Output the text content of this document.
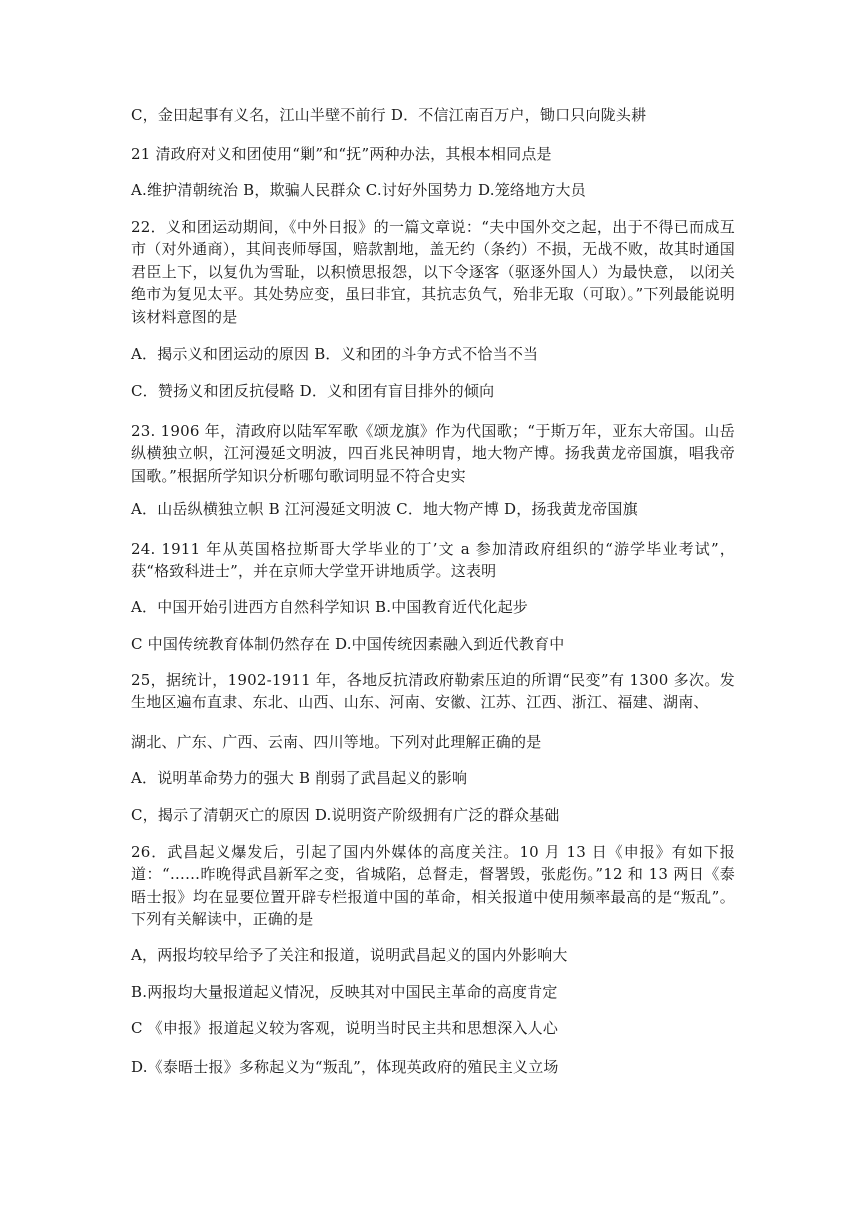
C，金田起事有义名，江山半壁不前行 D．不信江南百万户，锄口只向陇头耕
21 清政府对义和团使用“剿”和“抚”两种办法，其根本相同点是
A.维护清朝统治 B，欺骗人民群众 C.讨好外国势力 D.笼络地方大员
22．义和团运动期间，《中外日报》的一篇文章说：“夫中国外交之起，出于不得已而成互市（对外通商），其间丧师辱国，赔款割地，盖无约（条约）不损，无战不败，故其时通国君臣上下，以复仇为雪耻，以积愤思报怨，以下令逐客（驱逐外国人）为最快意， 以闭关绝市为复见太平。其处势应变，虽曰非宜，其抗志负气，殆非无取（可取）。”下列最能说明该材料意图的是
A．揭示义和团运动的原因 B．义和团的斗争方式不恰当不当
C．赞扬义和团反抗侵略 D．义和团有盲目排外的倾向
23. 1906 年，清政府以陆军军歌《颂龙旗》作为代国歌；“于斯万年，亚东大帝国。山岳纵横独立帜，江河漫延文明波，四百兆民神明胄，地大物产博。扬我黄龙帝国旗，唱我帝国歌。”根据所学知识分析哪句歌词明显不符合史实
A．山岳纵横独立帜 B 江河漫延文明波 C．地大物产博 D，扬我黄龙帝国旗
24. 1911 年从英国格拉斯哥大学毕业的丁’文 a 参加清政府组织的“游学毕业考试”，获“格致科进士”，并在京师大学堂开讲地质学。这表明
A．中国开始引进西方自然科学知识 B.中国教育近代化起步
C 中国传统教育体制仍然存在 D.中国传统因素融入到近代教育中
25，据统计，1902-1911 年，各地反抗清政府勒索压迫的所谓“民变”有 1300 多次。发生地区遍布直隶、东北、山西、山东、河南、安徽、江苏、江西、浙江、福建、湖南、
湖北、广东、广西、云南、四川等地。下列对此理解正确的是
A．说明革命势力的强大 B 削弱了武昌起义的影响
C，揭示了清朝灭亡的原因 D.说明资产阶级拥有广泛的群众基础
26．武昌起义爆发后，引起了国内外媒体的高度关注。10 月 13 日《申报》有如下报道：“……昨晚得武昌新军之变，省城陷，总督走，督署毁，张彪伤。”12 和 13 两日《泰晤士报》均在显要位置开辟专栏报道中国的革命，相关报道中使用频率最高的是“叛乱”。下列有关解读中，正确的是
A，两报均较早给予了关注和报道，说明武昌起义的国内外影响大
B.两报均大量报道起义情况，反映其对中国民主革命的高度肯定
C 《申报》报道起义较为客观，说明当时民主共和思想深入人心
D.《泰晤士报》多称起义为“叛乱”，体现英政府的殖民主义立场
